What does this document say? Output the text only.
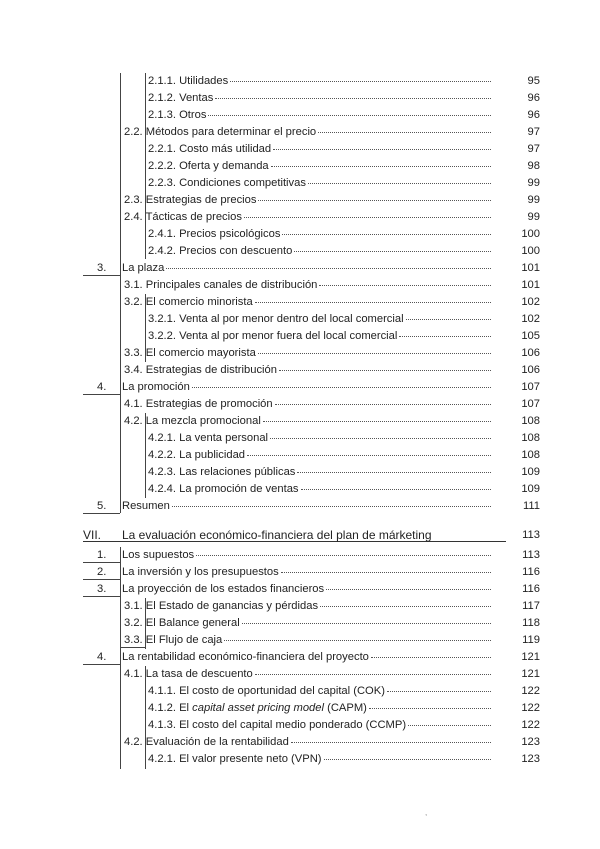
2.1.1. Utilidades	95
2.1.2. Ventas	96
2.1.3. Otros	96
2.2. Métodos para determinar el precio	97
2.2.1. Costo más utilidad	97
2.2.2. Oferta y demanda	98
2.2.3. Condiciones competitivas	99
2.3. Estrategias de precios	99
2.4. Tácticas de precios	99
2.4.1. Precios psicológicos	100
2.4.2. Precios con descuento	100
3. La plaza	101
3.1. Principales canales de distribución	101
3.2. El comercio minorista	102
3.2.1. Venta al por menor dentro del local comercial	102
3.2.2. Venta al por menor fuera del local comercial	105
3.3. El comercio mayorista	106
3.4. Estrategias de distribución	106
4. La promoción	107
4.1. Estrategias de promoción	107
4.2. La mezcla promocional	108
4.2.1. La venta personal	108
4.2.2. La publicidad	108
4.2.3. Las relaciones públicas	109
4.2.4. La promoción de ventas	109
5. Resumen	111
VII. La evaluación económico-financiera del plan de márketing	113
1. Los supuestos	113
2. La inversión y los presupuestos	116
3. La proyección de los estados financieros	116
3.1. El Estado de ganancias y pérdidas	117
3.2. El Balance general	118
3.3. El Flujo de caja	119
4. La rentabilidad económico-financiera del proyecto	121
4.1. La tasa de descuento	121
4.1.1. El costo de oportunidad del capital (COK)	122
4.1.2. El capital asset pricing model (CAPM)	122
4.1.3. El costo del capital medio ponderado (CCMP)	122
4.2. Evaluación de la rentabilidad	123
4.2.1. El valor presente neto (VPN)	123
,
